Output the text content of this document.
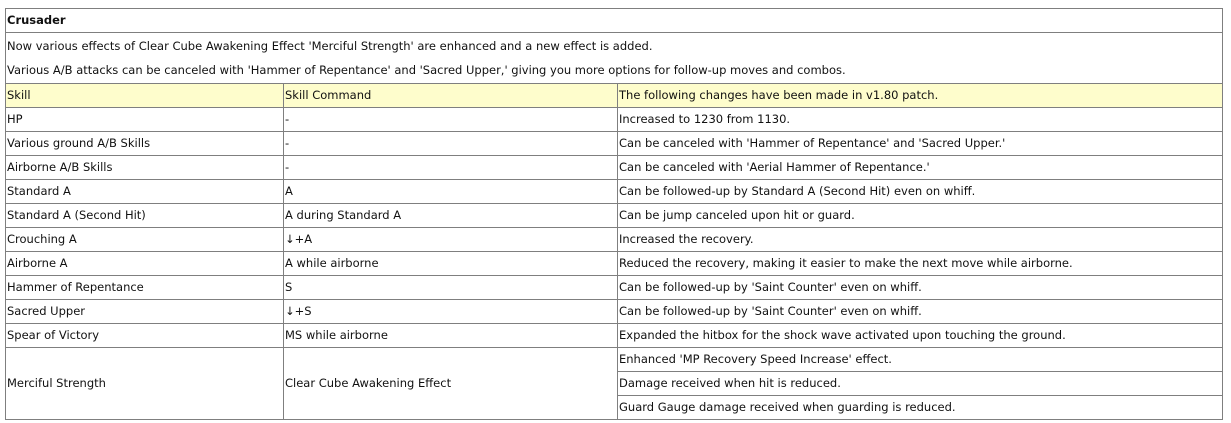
Crusader		

Now various effects of Clear Cube Awakening Effect 'Merciful Strength' are enhanced and a new effect is added.
Various A/B attacks can be canceled with 'Hammer of Repentance' and 'Sacred Upper,' giving you more options for follow-up moves and combos.		

Skill	Skill Command	The following changes have been made in v1.80 patch.
HP	-	Increased to 1230 from 1130.
Various ground A/B Skills	-	Can be canceled with 'Hammer of Repentance' and 'Sacred Upper.'
Airborne A/B Skills	-	Can be canceled with 'Aerial Hammer of Repentance.'
Standard A	A	Can be followed-up by Standard A (Second Hit) even on whiff.
Standard A (Second Hit)	A during Standard A	Can be jump canceled upon hit or guard.
Crouching A	↓+A	Increased the recovery.
Airborne A	A while airborne	Reduced the recovery, making it easier to make the next move while airborne.
Hammer of Repentance	S	Can be followed-up by 'Saint Counter' even on whiff.
Sacred Upper	↓+S	Can be followed-up by 'Saint Counter' even on whiff.
Spear of Victory	MS while airborne	Expanded the hitbox for the shock wave activated upon touching the ground.
Merciful Strength	Clear Cube Awakening Effect	Enhanced 'MP Recovery Speed Increase' effect.
		Damage received when hit is reduced.
		Guard Gauge damage received when guarding is reduced.
